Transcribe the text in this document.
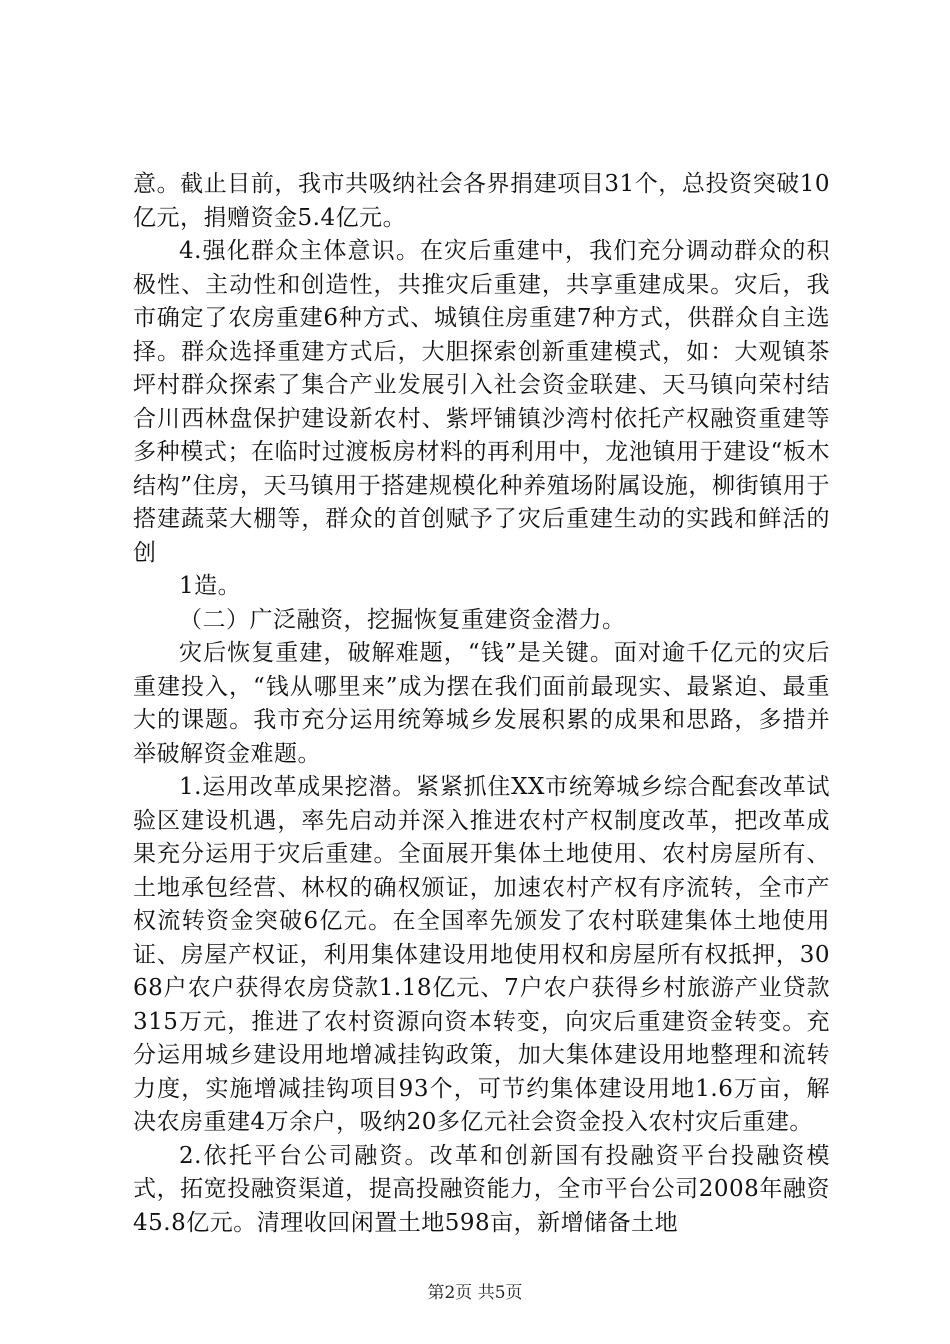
意。截止目前，我市共吸纳社会各界捐建项目31个，总投资突破10亿元，捐赠资金5.4亿元。

4.强化群众主体意识。在灾后重建中，我们充分调动群众的积极性、主动性和创造性，共推灾后重建，共享重建成果。灾后，我市确定了农房重建6种方式、城镇住房重建7种方式，供群众自主选择。群众选择重建方式后，大胆探索创新重建模式，如：大观镇茶坪村群众探索了集合产业发展引入社会资金联建、天马镇向荣村结合川西林盘保护建设新农村、紫坪铺镇沙湾村依托产权融资重建等多种模式；在临时过渡板房材料的再利用中，龙池镇用于建设“板木结构”住房，天马镇用于搭建规模化种养殖场附属设施，柳街镇用于搭建蔬菜大棚等，群众的首创赋予了灾后重建生动的实践和鲜活的创

1造。

（二）广泛融资，挖掘恢复重建资金潜力。

灾后恢复重建，破解难题，“钱”是关键。面对逾千亿元的灾后重建投入，“钱从哪里来”成为摆在我们面前最现实、最紧迫、最重大的课题。我市充分运用统筹城乡发展积累的成果和思路，多措并举破解资金难题。

1.运用改革成果挖潜。紧紧抓住XX市统筹城乡综合配套改革试验区建设机遇，率先启动并深入推进农村产权制度改革，把改革成果充分运用于灾后重建。全面展开集体土地使用、农村房屋所有、土地承包经营、林权的确权颁证，加速农村产权有序流转，全市产权流转资金突破6亿元。在全国率先颁发了农村联建集体土地使用证、房屋产权证，利用集体建设用地使用权和房屋所有权抵押，3068户农户获得农房贷款1.18亿元、7户农户获得乡村旅游产业贷款315万元，推进了农村资源向资本转变，向灾后重建资金转变。充分运用城乡建设用地增减挂钩政策，加大集体建设用地整理和流转力度，实施增减挂钩项目93个，可节约集体建设用地1.6万亩，解决农房重建4万余户，吸纳20多亿元社会资金投入农村灾后重建。

2.依托平台公司融资。改革和创新国有投融资平台投融资模式，拓宽投融资渠道，提高投融资能力，全市平台公司2008年融资45.8亿元。清理收回闲置土地598亩，新增储备土地

第2页 共5页
